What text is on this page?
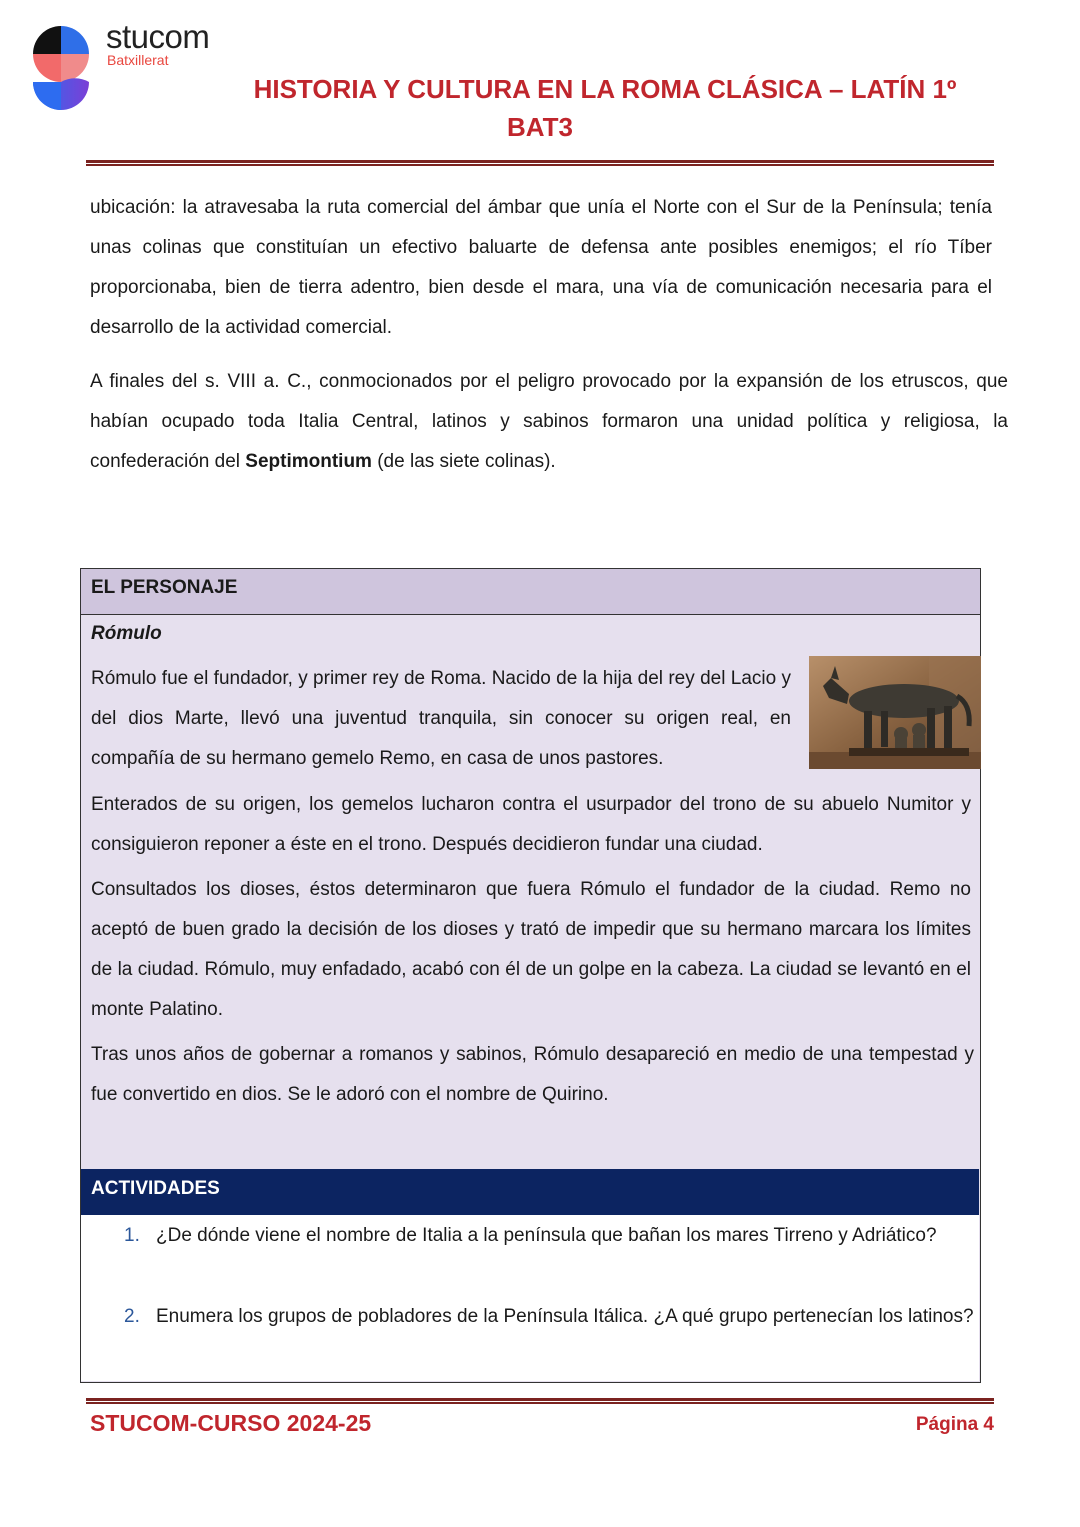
stucom
Batxillerat
HISTORIA Y CULTURA EN LA ROMA CLÁSICA – LATÍN 1º
BAT3

ubicación: la atravesaba la ruta comercial del ámbar que unía el Norte con el Sur de la Península; tenía unas colinas que constituían un efectivo baluarte de defensa ante posibles enemigos; el río Tíber proporcionaba, bien de tierra adentro, bien desde el mara, una vía de comunicación necesaria para el desarrollo de la actividad comercial.

A finales del s. VIII a. C., conmocionados por el peligro provocado por la expansión de los etruscos, que habían ocupado toda Italia Central, latinos y sabinos formaron una unidad política y religiosa, la confederación del Septimontium (de las siete colinas).

EL PERSONAJE
Rómulo

Rómulo fue el fundador, y primer rey de Roma. Nacido de la hija del rey del Lacio y del dios Marte, llevó una juventud tranquila, sin conocer su origen real, en compañía de su hermano gemelo Remo, en casa de unos pastores.

Enterados de su origen, los gemelos lucharon contra el usurpador del trono de su abuelo Numitor y consiguieron reponer a éste en el trono. Después decidieron fundar una ciudad.

Consultados los dioses, éstos determinaron que fuera Rómulo el fundador de la ciudad. Remo no aceptó de buen grado la decisión de los dioses y trató de impedir que su hermano marcara los límites de la ciudad. Rómulo, muy enfadado, acabó con él de un golpe en la cabeza. La ciudad se levantó en el monte Palatino.

Tras unos años de gobernar a romanos y sabinos, Rómulo desapareció en medio de una tempestad y fue convertido en dios. Se le adoró con el nombre de Quirino.

ACTIVIDADES
1. ¿De dónde viene el nombre de Italia a la península que bañan los mares Tirreno y Adriático?
2. Enumera los grupos de pobladores de la Península Itálica. ¿A qué grupo pertenecían los latinos?
STUCOM-CURSO 2024-25	Página 4
